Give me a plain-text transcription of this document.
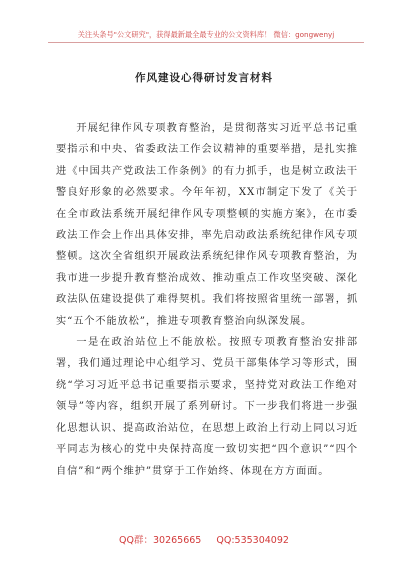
关注头条号"公文研究"，获得最新最全最专业的公文资料库！ 微信：gongwenyj
作风建设心得研讨发言材料

开展纪律作风专项教育整治，是贯彻落实习近平总书记重要指示和中央、省委政法工作会议精神的重要举措，是扎实推进《中国共产党政法工作条例》的有力抓手，也是树立政法干警良好形象的必然要求。今年年初，XX市制定下发了《关于在全市政法系统开展纪律作风专项整顿的实施方案》，在市委政法工作会上作出具体安排，率先启动政法系统纪律作风专项整顿。这次全省组织开展政法系统纪律作风专项教育整治，为我市进一步提升教育整治成效、推动重点工作攻坚突破、深化政法队伍建设提供了难得契机。我们将按照省里统一部署，抓实“五个不能放松”，推进专项教育整治向纵深发展。

一是在政治站位上不能放松。按照专项教育整治安排部署，我们通过理论中心组学习、党员干部集体学习等形式，围绕“学习习近平总书记重要指示要求，坚持党对政法工作绝对领导”等内容，组织开展了系列研讨。下一步我们将进一步强化思想认识、提高政治站位，在思想上政治上行动上同以习近平同志为核心的党中央保持高度一致切实把“四个意识”“四个自信”和“两个维护”贯穿于工作始终、体现在方方面面。

QQ群：30265665 QQ:535304092
